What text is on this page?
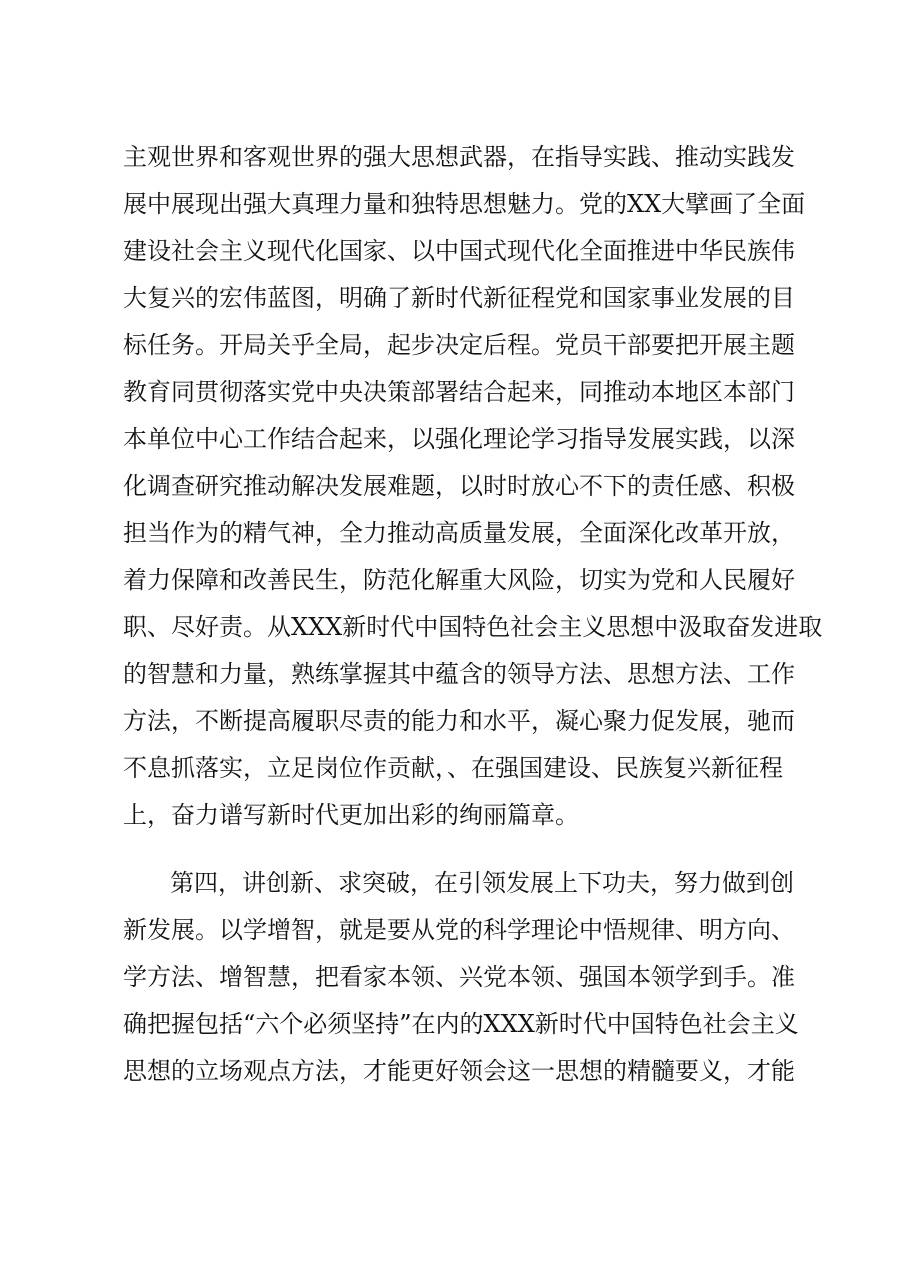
主观世界和客观世界的强大思想武器，在指导实践、推动实践发
展中展现出强大真理力量和独特思想魅力。党的XX大擘画了全面
建设社会主义现代化国家、以中国式现代化全面推进中华民族伟
大复兴的宏伟蓝图，明确了新时代新征程党和国家事业发展的目
标任务。开局关乎全局，起步决定后程。党员干部要把开展主题
教育同贯彻落实党中央决策部署结合起来，同推动本地区本部门
本单位中心工作结合起来，以强化理论学习指导发展实践，以深
化调查研究推动解决发展难题，以时时放心不下的责任感、积极
担当作为的精气神，全力推动高质量发展，全面深化改革开放，
着力保障和改善民生，防范化解重大风险，切实为党和人民履好
职、尽好责。从XXX新时代中国特色社会主义思想中汲取奋发进取
的智慧和力量，熟练掌握其中蕴含的领导方法、思想方法、工作
方法，不断提高履职尽责的能力和水平，凝心聚力促发展，驰而
不息抓落实，立足岗位作贡献，、在强国建设、民族复兴新征程
上，奋力谱写新时代更加出彩的绚丽篇章。
第四，讲创新、求突破，在引领发展上下功夫，努力做到创
新发展。以学增智，就是要从党的科学理论中悟规律、明方向、
学方法、增智慧，把看家本领、兴党本领、强国本领学到手。准
确把握包括“六个必须坚持”在内的XXX新时代中国特色社会主义
思想的立场观点方法，才能更好领会这一思想的精髓要义，才能
